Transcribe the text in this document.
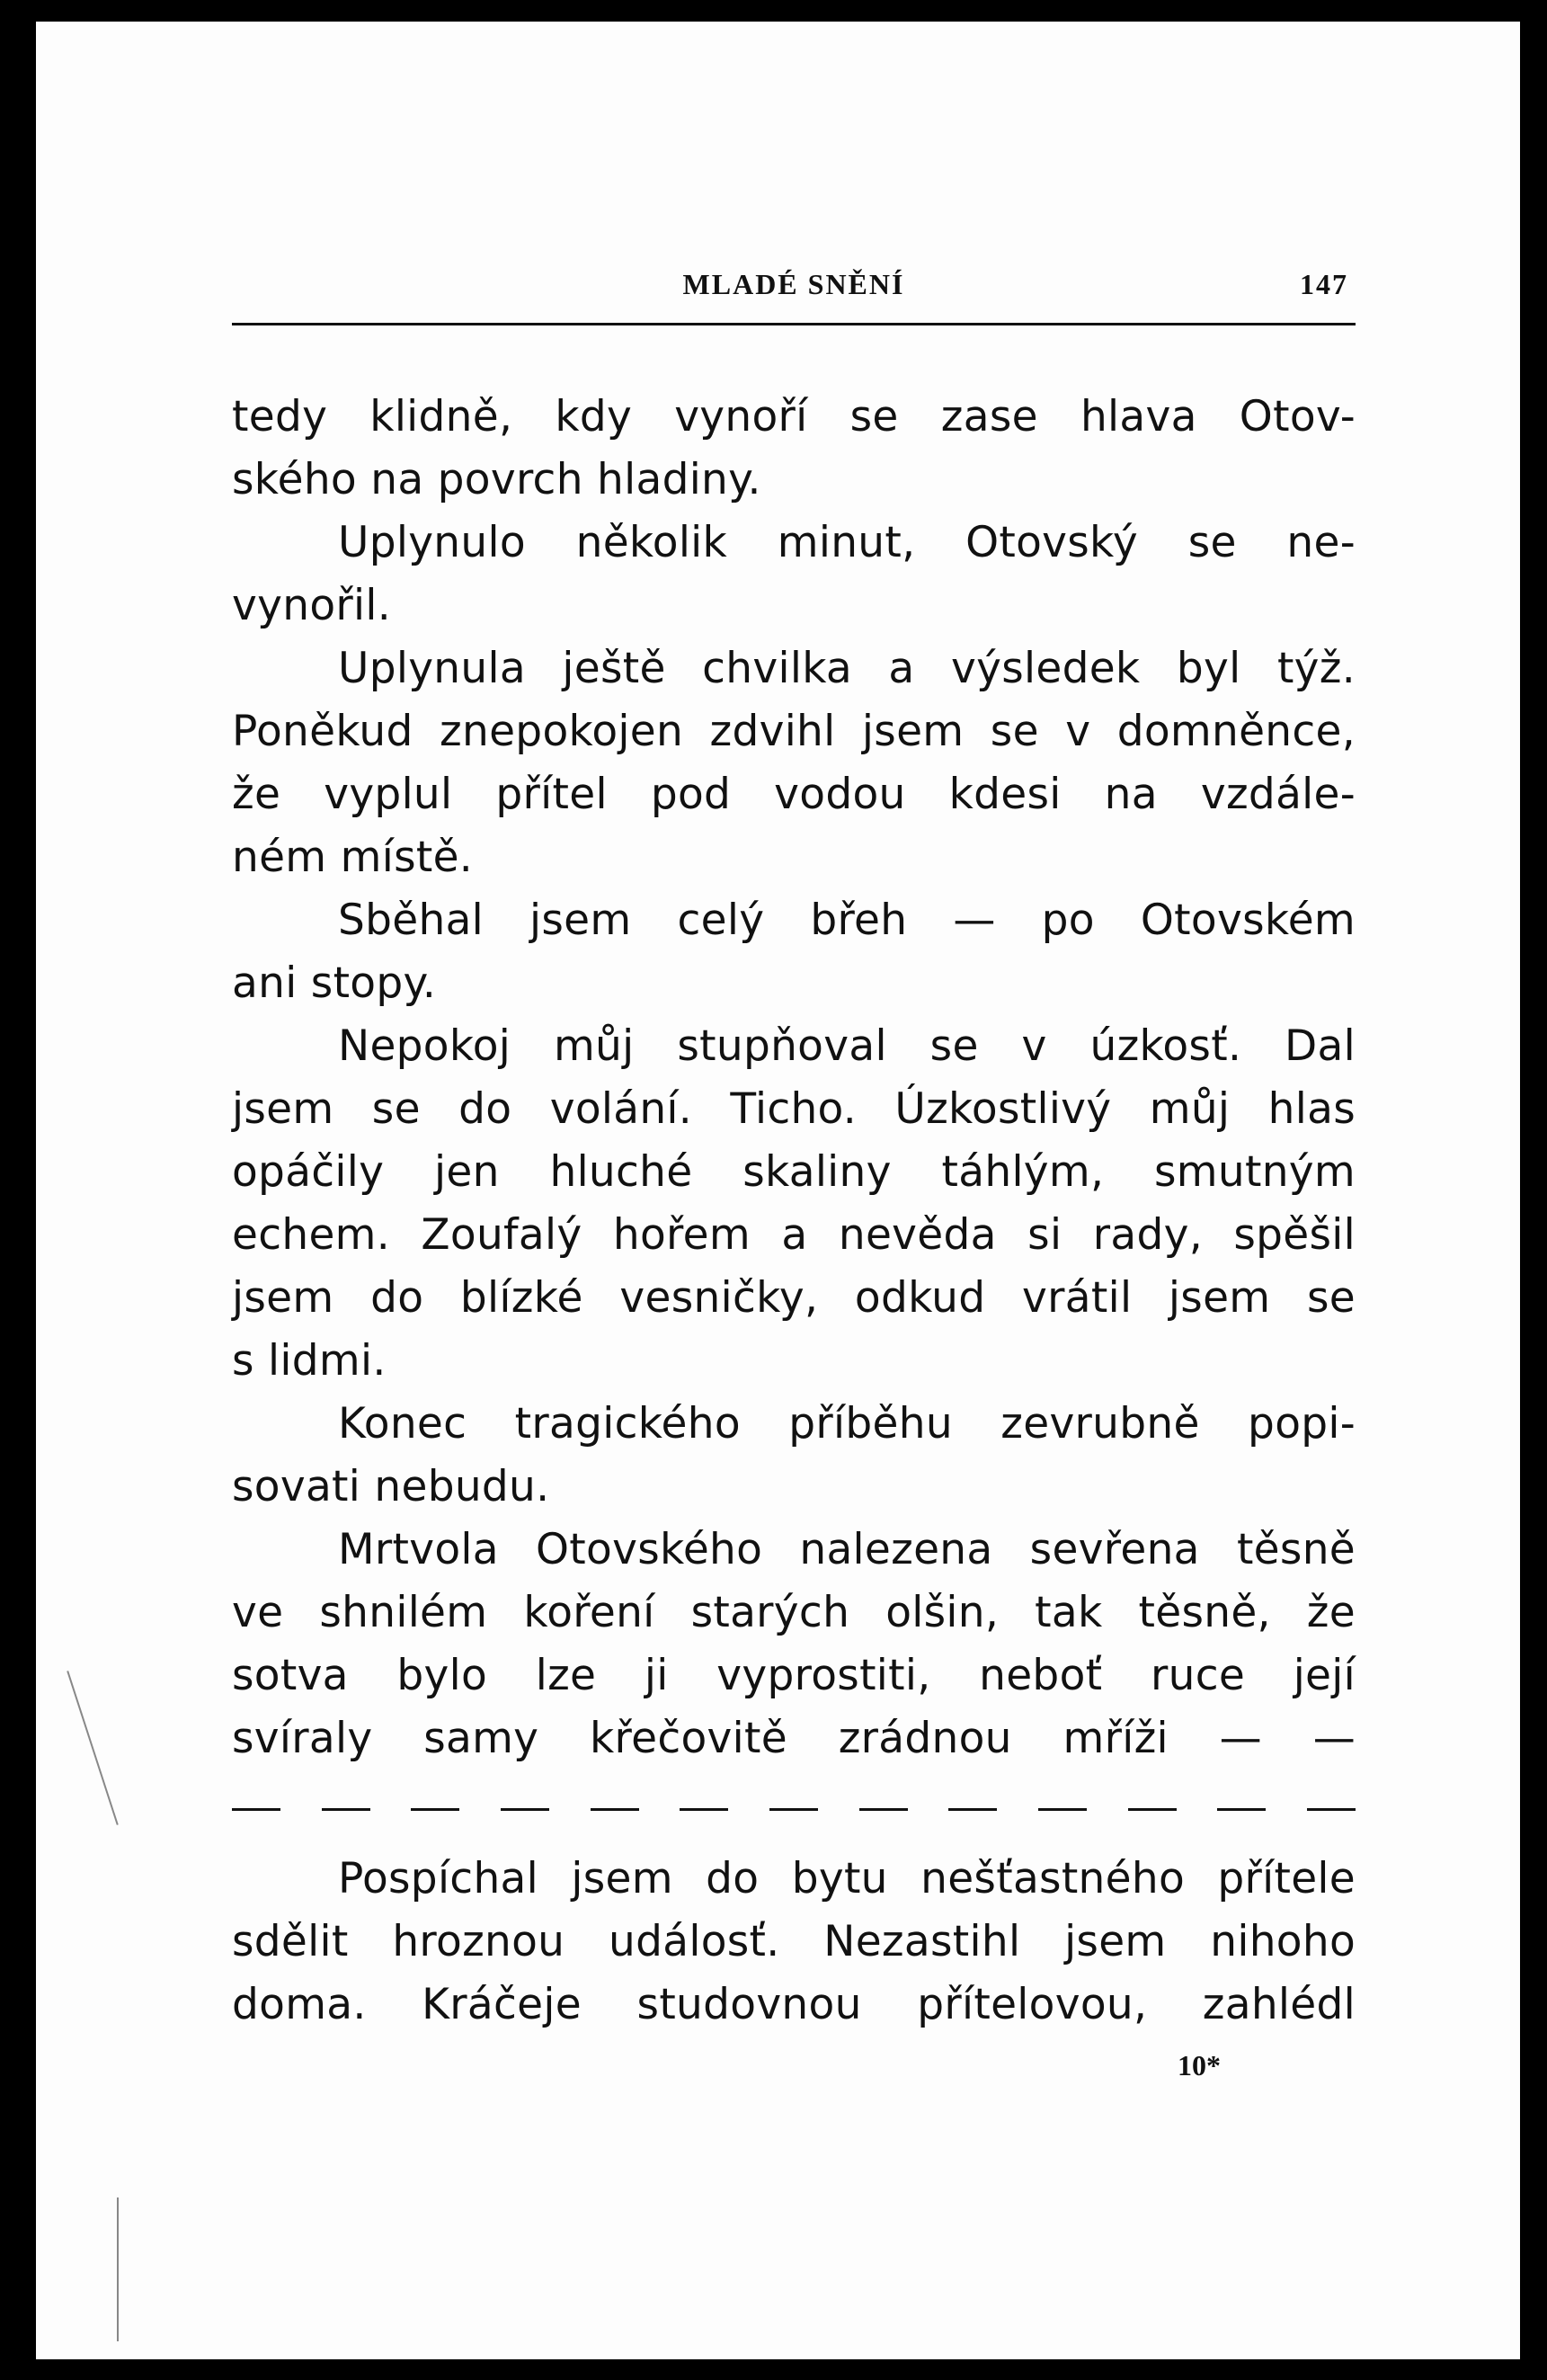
MLADÉ SNĚNÍ	147
tedy klidně, kdy vynoří se zase hlava Otov-
ského na povrch hladiny.
Uplynulo několik minut, Otovský se ne-
vynořil.
Uplynula ještě chvilka a výsledek byl týž.
Poněkud znepokojen zdvihl jsem se v domněnce,
že vyplul přítel pod vodou kdesi na vzdále-
ném místě.
Sběhal jsem celý břeh — po Otovském
ani stopy.
Nepokoj můj stupňoval se v úzkosť. Dal
jsem se do volání. Ticho. Úzkostlivý můj hlas
opáčily jen hluché skaliny táhlým, smutným
echem. Zoufalý hořem a nevěda si rady, spěšil
jsem do blízké vesničky, odkud vrátil jsem se
s lidmi.
Konec tragického příběhu zevrubně popi-
sovati nebudu.
Mrtvola Otovského nalezena sevřena těsně
ve shnilém koření starých olšin, tak těsně, že
sotva bylo lze ji vyprostiti, neboť ruce její
svíraly samy křečovitě zrádnou mříži — —
Pospíchal jsem do bytu nešťastného přítele
sdělit hroznou událosť. Nezastihl jsem nihoho
doma. Kráčeje studovnou přítelovou, zahlédl
10*
